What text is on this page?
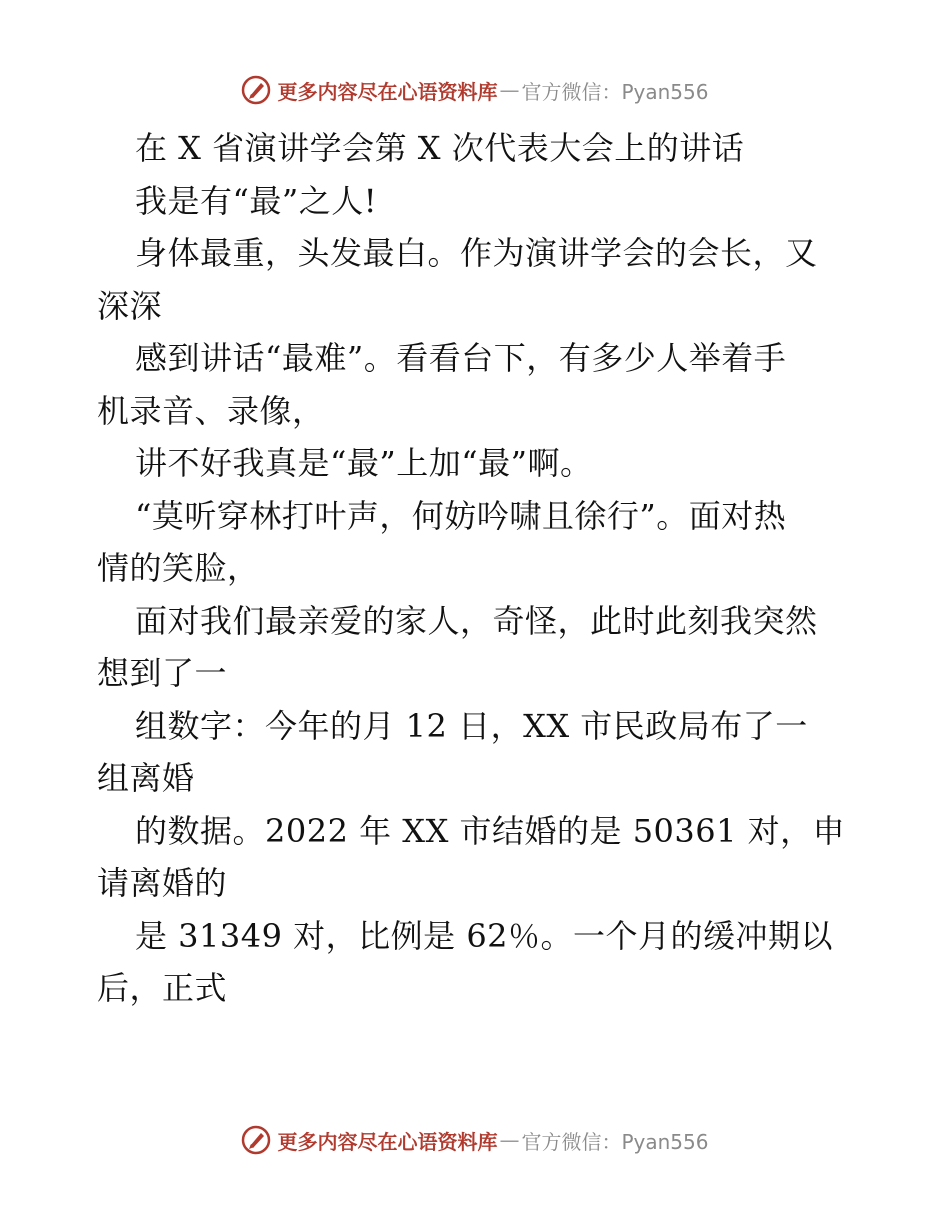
更多内容尽在心语资料库 — 官方微信：Pyan556
在 X 省演讲学会第 X 次代表大会上的讲话
我是有“最”之人!
身体最重，头发最白。作为演讲学会的会长，又
深深
感到讲话“最难”。看看台下，有多少人举着手
机录音、录像，
讲不好我真是“最”上加“最”啊。
“莫听穿林打叶声，何妨吟啸且徐行”。面对热
情的笑脸，
面对我们最亲爱的家人，奇怪，此时此刻我突然
想到了一
组数字：今年的月 12 日，XX 市民政局布了一
组离婚
的数据。2022 年 XX 市结婚的是 50361 对，申
请离婚的
是 31349 对，比例是 62％。一个月的缓冲期以
后，正式
更多内容尽在心语资料库 — 官方微信：Pyan556
